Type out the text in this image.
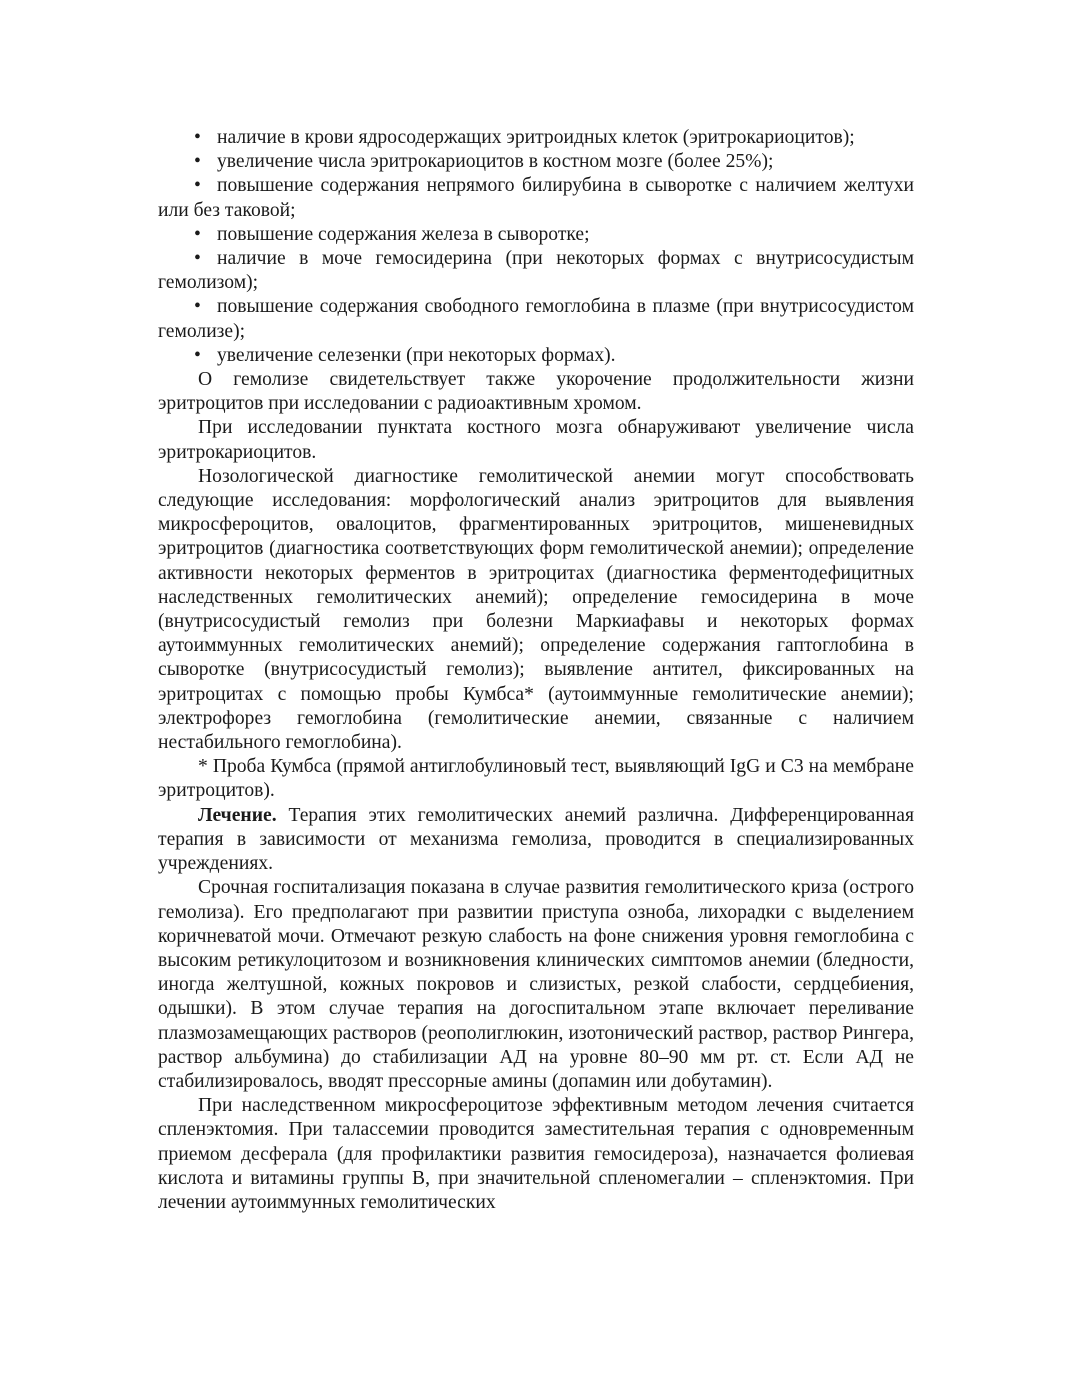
• наличие в крови ядросодержащих эритроидных клеток (эритрокариоцитов);

• увеличение числа эритрокариоцитов в костном мозге (более 25%);

• повышение содержания непрямого билирубина в сыворотке с наличием желтухи или без таковой;

• повышение содержания железа в сыворотке;

• наличие в моче гемосидерина (при некоторых формах с внутрисосудистым гемолизом);

• повышение содержания свободного гемоглобина в плазме (при внутрисосудистом гемолизе);

• увеличение селезенки (при некоторых формах).

О гемолизе свидетельствует также укорочение продолжительности жизни эритроцитов при исследовании с радиоактивным хромом.

При исследовании пунктата костного мозга обнаруживают увеличение числа эритрокариоцитов.

Нозологической диагностике гемолитической анемии могут способствовать следующие исследования: морфологический анализ эритроцитов для выявления микросфероцитов, овалоцитов, фрагментированных эритроцитов, мишеневидных эритроцитов (диагностика соответствующих форм гемолитической анемии); определение активности некоторых ферментов в эритроцитах (диагностика ферментодефицитных наследственных гемолитических анемий); определение гемосидерина в моче (внутрисосудистый гемолиз при болезни Маркиафавы и некоторых формах аутоиммунных гемолитических анемий); определение содержания гаптоглобина в сыворотке (внутрисосудистый гемолиз); выявление антител, фиксированных на эритроцитах с помощью пробы Кумбса* (аутоиммунные гемолитические анемии); электрофорез гемоглобина (гемолитические анемии, связанные с наличием нестабильного гемоглобина).

* Проба Кумбса (прямой антиглобулиновый тест, выявляющий IgG и C3 на мембране эритроцитов).

Лечение. Терапия этих гемолитических анемий различна. Дифференцированная терапия в зависимости от механизма гемолиза, проводится в специализированных учреждениях.

Срочная госпитализация показана в случае развития гемолитического криза (острого гемолиза). Его предполагают при развитии приступа озноба, лихорадки с выделением коричневатой мочи. Отмечают резкую слабость на фоне снижения уровня гемоглобина с высоким ретикулоцитозом и возникновения клинических симптомов анемии (бледности, иногда желтушной, кожных покровов и слизистых, резкой слабости, сердцебиения, одышки). В этом случае терапия на догоспитальном этапе включает переливание плазмозамещающих растворов (реополиглюкин, изотонический раствор, раствор Рингера, раствор альбумина) до стабилизации АД на уровне 80–90 мм рт. ст. Если АД не стабилизировалось, вводят прессорные амины (допамин или добутамин).

При наследственном микросфероцитозе эффективным методом лечения считается спленэктомия. При талассемии проводится заместительная терапия с одновременным приемом десферала (для профилактики развития гемосидероза), назначается фолиевая кислота и витамины группы В, при значительной спленомегалии – спленэктомия. При лечении аутоиммунных гемолитических
